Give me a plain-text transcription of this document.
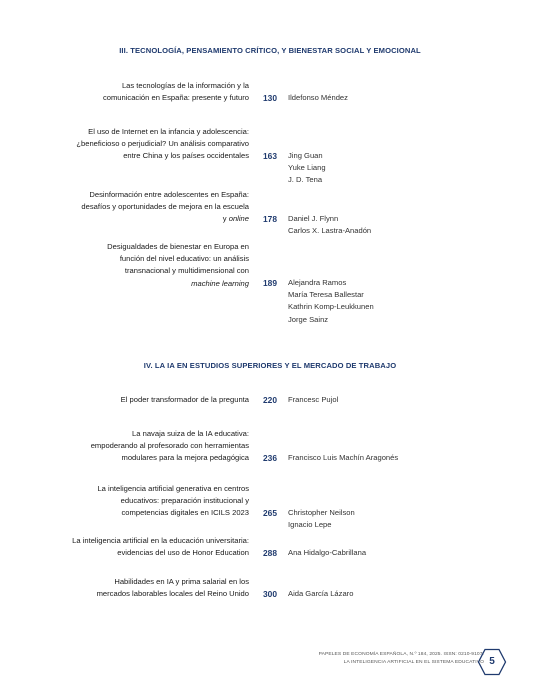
III. TECNOLOGÍA, PENSAMIENTO CRÍTICO, Y BIENESTAR SOCIAL Y EMOCIONAL
Las tecnologías de la información y la
comunicación en España: presente y futuro	130 Ildefonso Méndez
El uso de Internet en la infancia y adolescencia:
¿beneficioso o perjudicial? Un análisis comparativo
entre China y los países occidentales	163 Jing Guan
Yuke Liang
J. D. Tena
Desinformación entre adolescentes en España:
desafíos y oportunidades de mejora en la escuela
y online	178 Daniel J. Flynn
Carlos X. Lastra-Anadón
Desigualdades de bienestar en Europa en
función del nivel educativo: un análisis
transnacional y multidimensional con
machine learning	189 Alejandra Ramos
María Teresa Ballestar
Kathrin Komp-Leukkunen
Jorge Sainz
IV. LA IA EN ESTUDIOS SUPERIORES Y EL MERCADO DE TRABAJO
El poder transformador de la pregunta	220 Francesc Pujol
La navaja suiza de la IA educativa:
empoderando al profesorado con herramientas
modulares para la mejora pedagógica	236 Francisco Luis Machín Aragonés
La inteligencia artificial generativa en centros
educativos: preparación institucional y
competencias digitales en ICILS 2023	265 Christopher Neilson
Ignacio Lepe
La inteligencia artificial en la educación universitaria:
evidencias del uso de Honor Education	288 Ana Hidalgo-Cabrillana
Habilidades en IA y prima salarial en los
mercados laborables locales del Reino Unido	300 Aida García Lázaro
PAPELES DE ECONOMÍA ESPAÑOLA, N.º 184, 2025. ISSN: 0210-9107.
LA INTELIGENCIA ARTIFICIAL EN EL SISTEMA EDUCATIVO 5
